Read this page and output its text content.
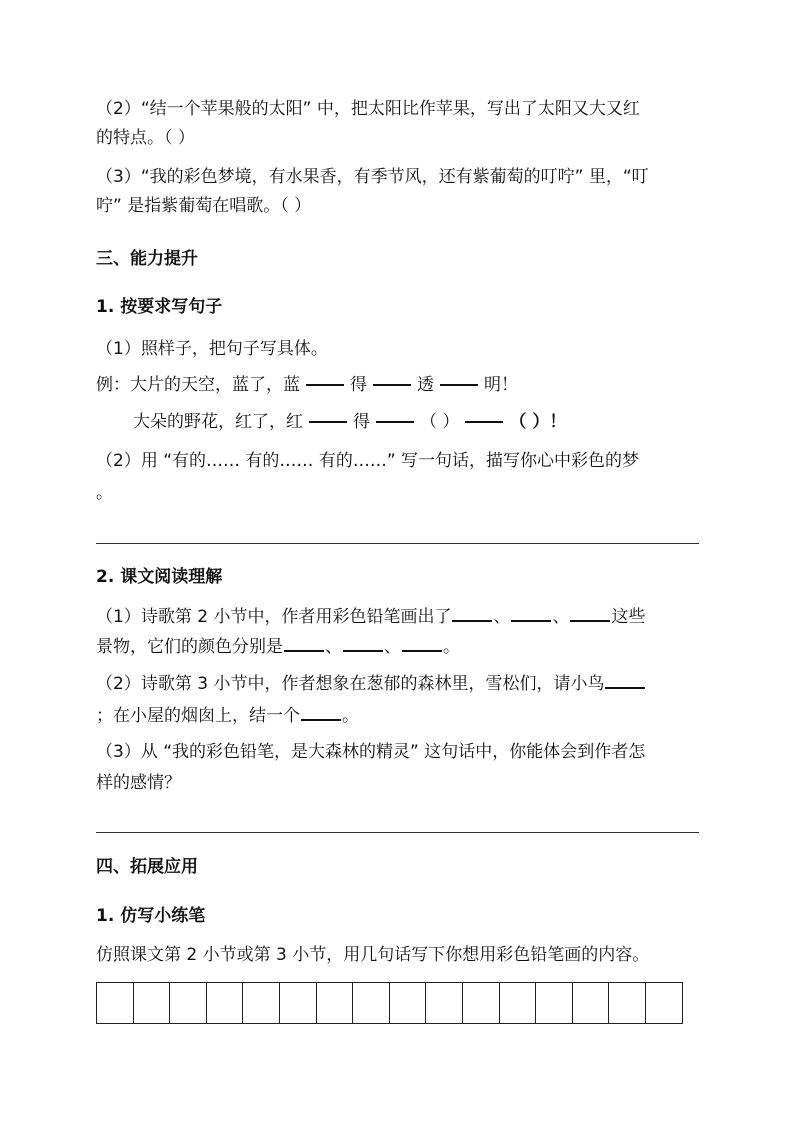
（2）“结一个苹果般的太阳” 中，把太阳比作苹果，写出了太阳又大又红
的特点。（ ）
（3）“我的彩色梦境，有水果香，有季节风，还有紫葡萄的叮咛” 里，“叮
咛” 是指紫葡萄在唱歌。（ ）
三、能力提升
1. 按要求写句子
（1）照样子，把句子写具体。
例：大片的天空，蓝了，蓝	得	透	明！
大朵的野花，红了，红	得	（ ）	（ ）！
（2）用 “有的…… 有的…… 有的……” 写一句话，描写你心中彩色的梦
。
2. 课文阅读理解
（1）诗歌第 2 小节中，作者用彩色铅笔画出了 、 、 这些
景物，它们的颜色分别是 、 、 。
（2）诗歌第 3 小节中，作者想象在葱郁的森林里，雪松们，请小鸟
；在小屋的烟囱上，结一个 。
（3）从 “我的彩色铅笔，是大森林的精灵” 这句话中，你能体会到作者怎
样的感情？
四、拓展应用
1. 仿写小练笔
仿照课文第 2 小节或第 3 小节，用几句话写下你想用彩色铅笔画的内容。
